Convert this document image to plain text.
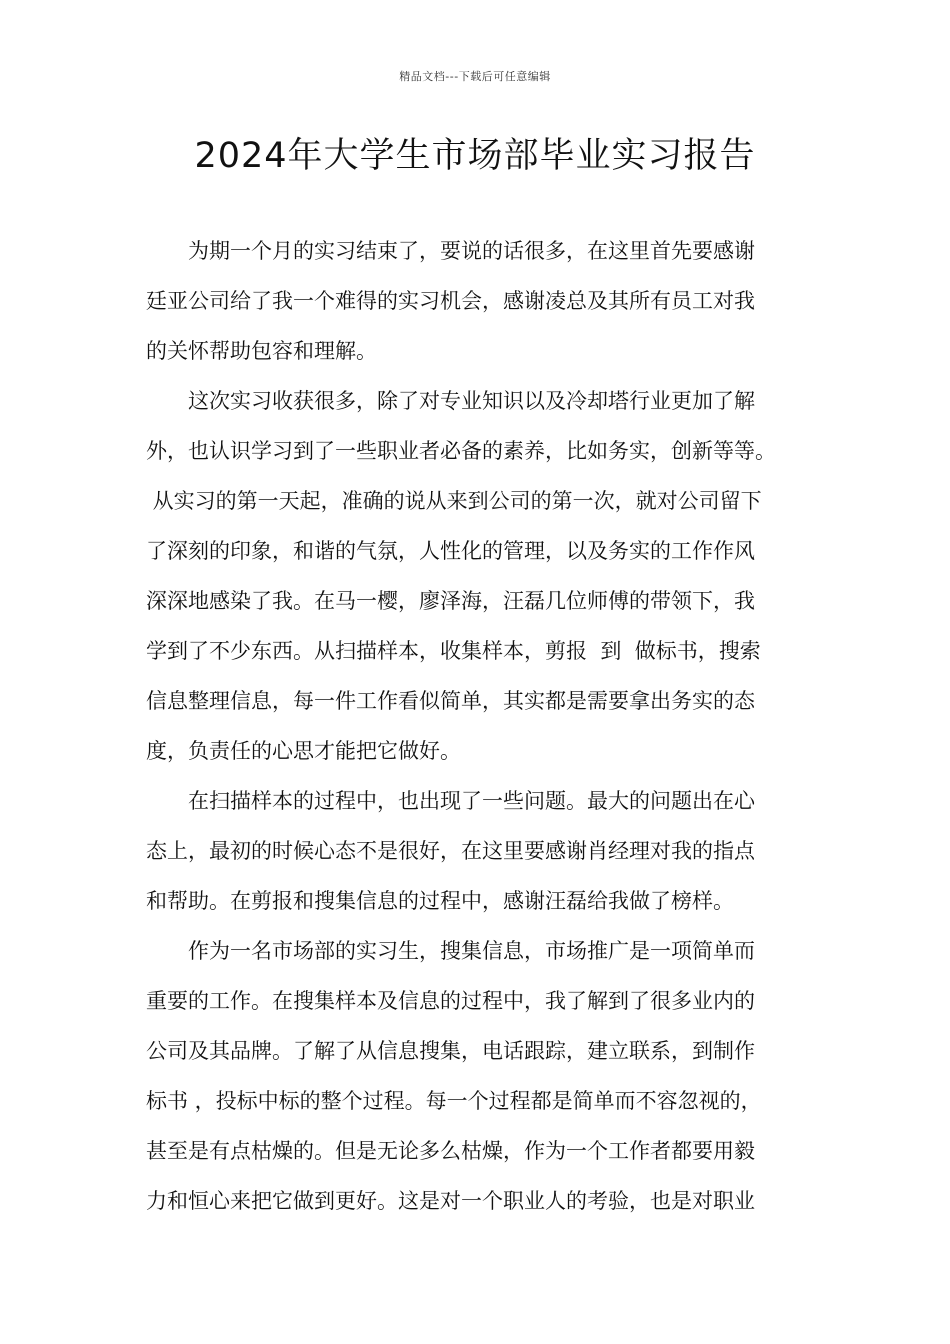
精品文档---下载后可任意编辑
2024年大学生市场部毕业实习报告
为期一个月的实习结束了，要说的话很多，在这里首先要感谢
廷亚公司给了我一个难得的实习机会，感谢凌总及其所有员工对我
的关怀帮助包容和理解。
这次实习收获很多，除了对专业知识以及冷却塔行业更加了解
外，也认识学习到了一些职业者必备的素养，比如务实，创新等等。
从实习的第一天起，准确的说从来到公司的第一次，就对公司留下
了深刻的印象，和谐的气氛，人性化的管理，以及务实的工作作风
深深地感染了我。在马一樱，廖泽海，汪磊几位师傅的带领下，我
学到了不少东西。从扫描样本，收集样本，剪报  到  做标书，搜索
信息整理信息，每一件工作看似简单，其实都是需要拿出务实的态
度，负责任的心思才能把它做好。
在扫描样本的过程中，也出现了一些问题。最大的问题出在心
态上，最初的时候心态不是很好，在这里要感谢肖经理对我的指点
和帮助。在剪报和搜集信息的过程中，感谢汪磊给我做了榜样。
作为一名市场部的实习生，搜集信息，市场推广是一项简单而
重要的工作。在搜集样本及信息的过程中，我了解到了很多业内的
公司及其品牌。了解了从信息搜集，电话跟踪，建立联系，到制作
标书 ，投标中标的整个过程。每一个过程都是简单而不容忽视的，
甚至是有点枯燥的。但是无论多么枯燥，作为一个工作者都要用毅
力和恒心来把它做到更好。这是对一个职业人的考验，也是对职业
